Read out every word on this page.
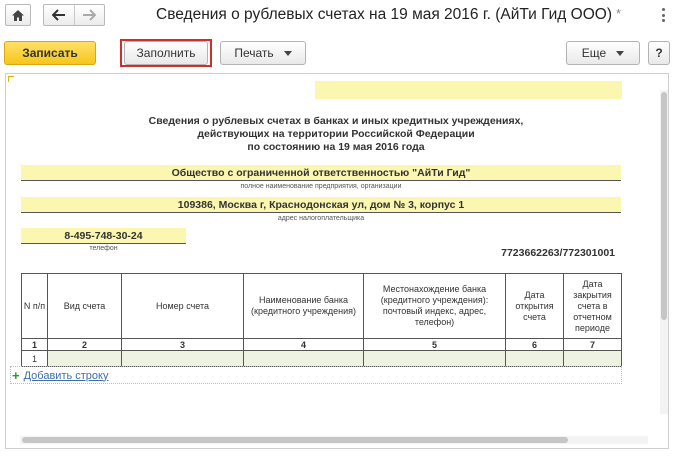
Сведения о рублевых счетах на 19 мая 2016 г. (АйТи Гид ООО) *
Записать	Заполнить	Печать	Еще	?
Сведения о рублевых счетах в банках и иных кредитных учреждениях,
действующих на территории Российской Федерации
по состоянию на 19 мая 2016 года
Общество с ограниченной ответственностью "АйТи Гид"
полное наименование предприятия, организации
109386, Москва г, Краснодонская ул, дом № 3, корпус 1
адрес налогоплательщика
8-495-748-30-24
телефон	7723662263/772301001
N п/п	Вид счета	Номер счета	Наименование банка (кредитного учреждения)	Местонахождение банка (кредитного учреждения): почтовый индекс, адрес, телефон)	Дата открытия счета	Дата закрытия счета в отчетном периоде
1	2	3	4	5	6	7
1						
+ Добавить строку
